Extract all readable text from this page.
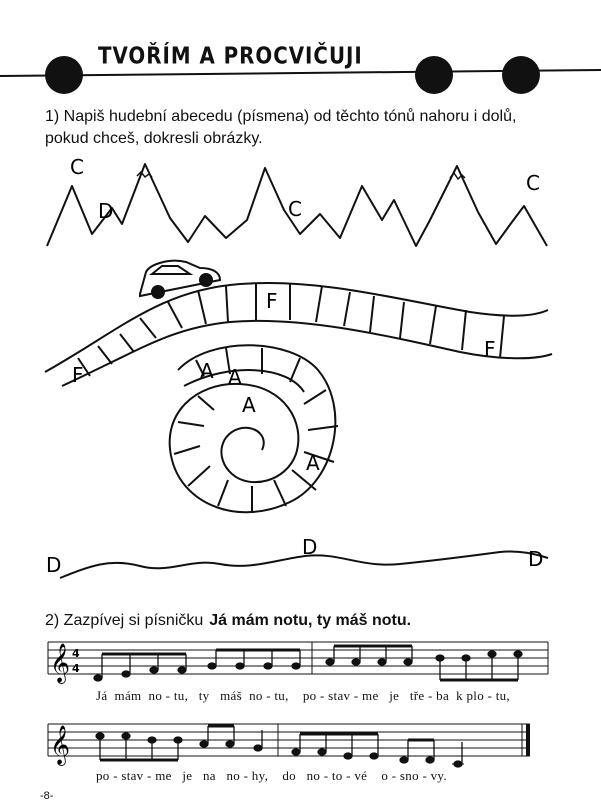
TVOŘÍM A PROCVIČUJI
1) Napiš hudební abecedu (písmena) od těchto tónů nahoru i dolů,
pokud chceš, dokresli obrázky.
C
D	C
C
F
F
F	A A
A
A
D
D	D
2) Zazpívej si písničku Já mám notu, ty máš notu.
𝄞 4
4
Já  mám  no - tu,   ty   máš  no - tu,    po - stav - me   je   tře - ba  k plo - tu,
𝄞
po - stav - me   je   na   no - hy,    do   no - to - vé    o - sno - vy.
-8-
